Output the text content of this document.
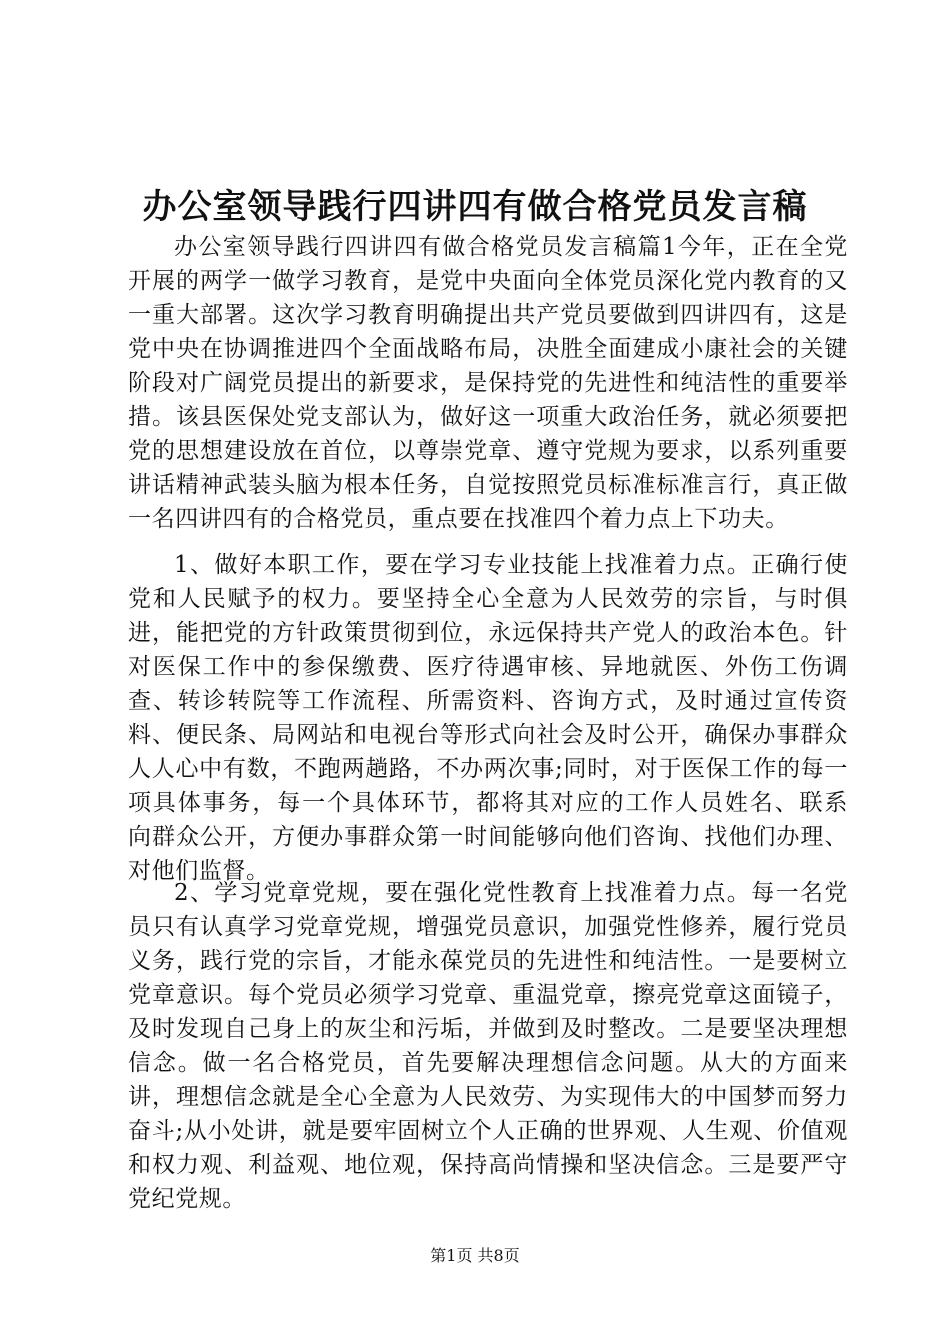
办公室领导践行四讲四有做合格党员发言稿

办公室领导践行四讲四有做合格党员发言稿篇1今年，正在全党开展的两学一做学习教育，是党中央面向全体党员深化党内教育的又一重大部署。这次学习教育明确提出共产党员要做到四讲四有，这是党中央在协调推进四个全面战略布局，决胜全面建成小康社会的关键阶段对广阔党员提出的新要求，是保持党的先进性和纯洁性的重要举措。该县医保处党支部认为，做好这一项重大政治任务，就必须要把党的思想建设放在首位，以尊崇党章、遵守党规为要求，以系列重要讲话精神武装头脑为根本任务，自觉按照党员标准标准言行，真正做一名四讲四有的合格党员，重点要在找准四个着力点上下功夫。

1、做好本职工作，要在学习专业技能上找准着力点。正确行使党和人民赋予的权力。要坚持全心全意为人民效劳的宗旨，与时俱进，能把党的方针政策贯彻到位，永远保持共产党人的政治本色。针对医保工作中的参保缴费、医疗待遇审核、异地就医、外伤工伤调查、转诊转院等工作流程、所需资料、咨询方式，及时通过宣传资料、便民条、局网站和电视台等形式向社会及时公开，确保办事群众人人心中有数，不跑两趟路，不办两次事;同时，对于医保工作的每一项具体事务，每一个具体环节，都将其对应的工作人员姓名、联系　　向群众公开，方便办事群众第一时间能够向他们咨询、找他们办理、对他们监督。

2、学习党章党规，要在强化党性教育上找准着力点。每一名党员只有认真学习党章党规，增强党员意识，加强党性修养，履行党员义务，践行党的宗旨，才能永葆党员的先进性和纯洁性。一是要树立党章意识。每个党员必须学习党章、重温党章，擦亮党章这面镜子，及时发现自己身上的灰尘和污垢，并做到及时整改。二是要坚决理想信念。做一名合格党员，首先要解决理想信念问题。从大的方面来讲，理想信念就是全心全意为人民效劳、为实现伟大的中国梦而努力奋斗;从小处讲，就是要牢固树立个人正确的世界观、人生观、价值观和权力观、利益观、地位观，保持高尚情操和坚决信念。三是要严守党纪党规。

第1页 共8页
